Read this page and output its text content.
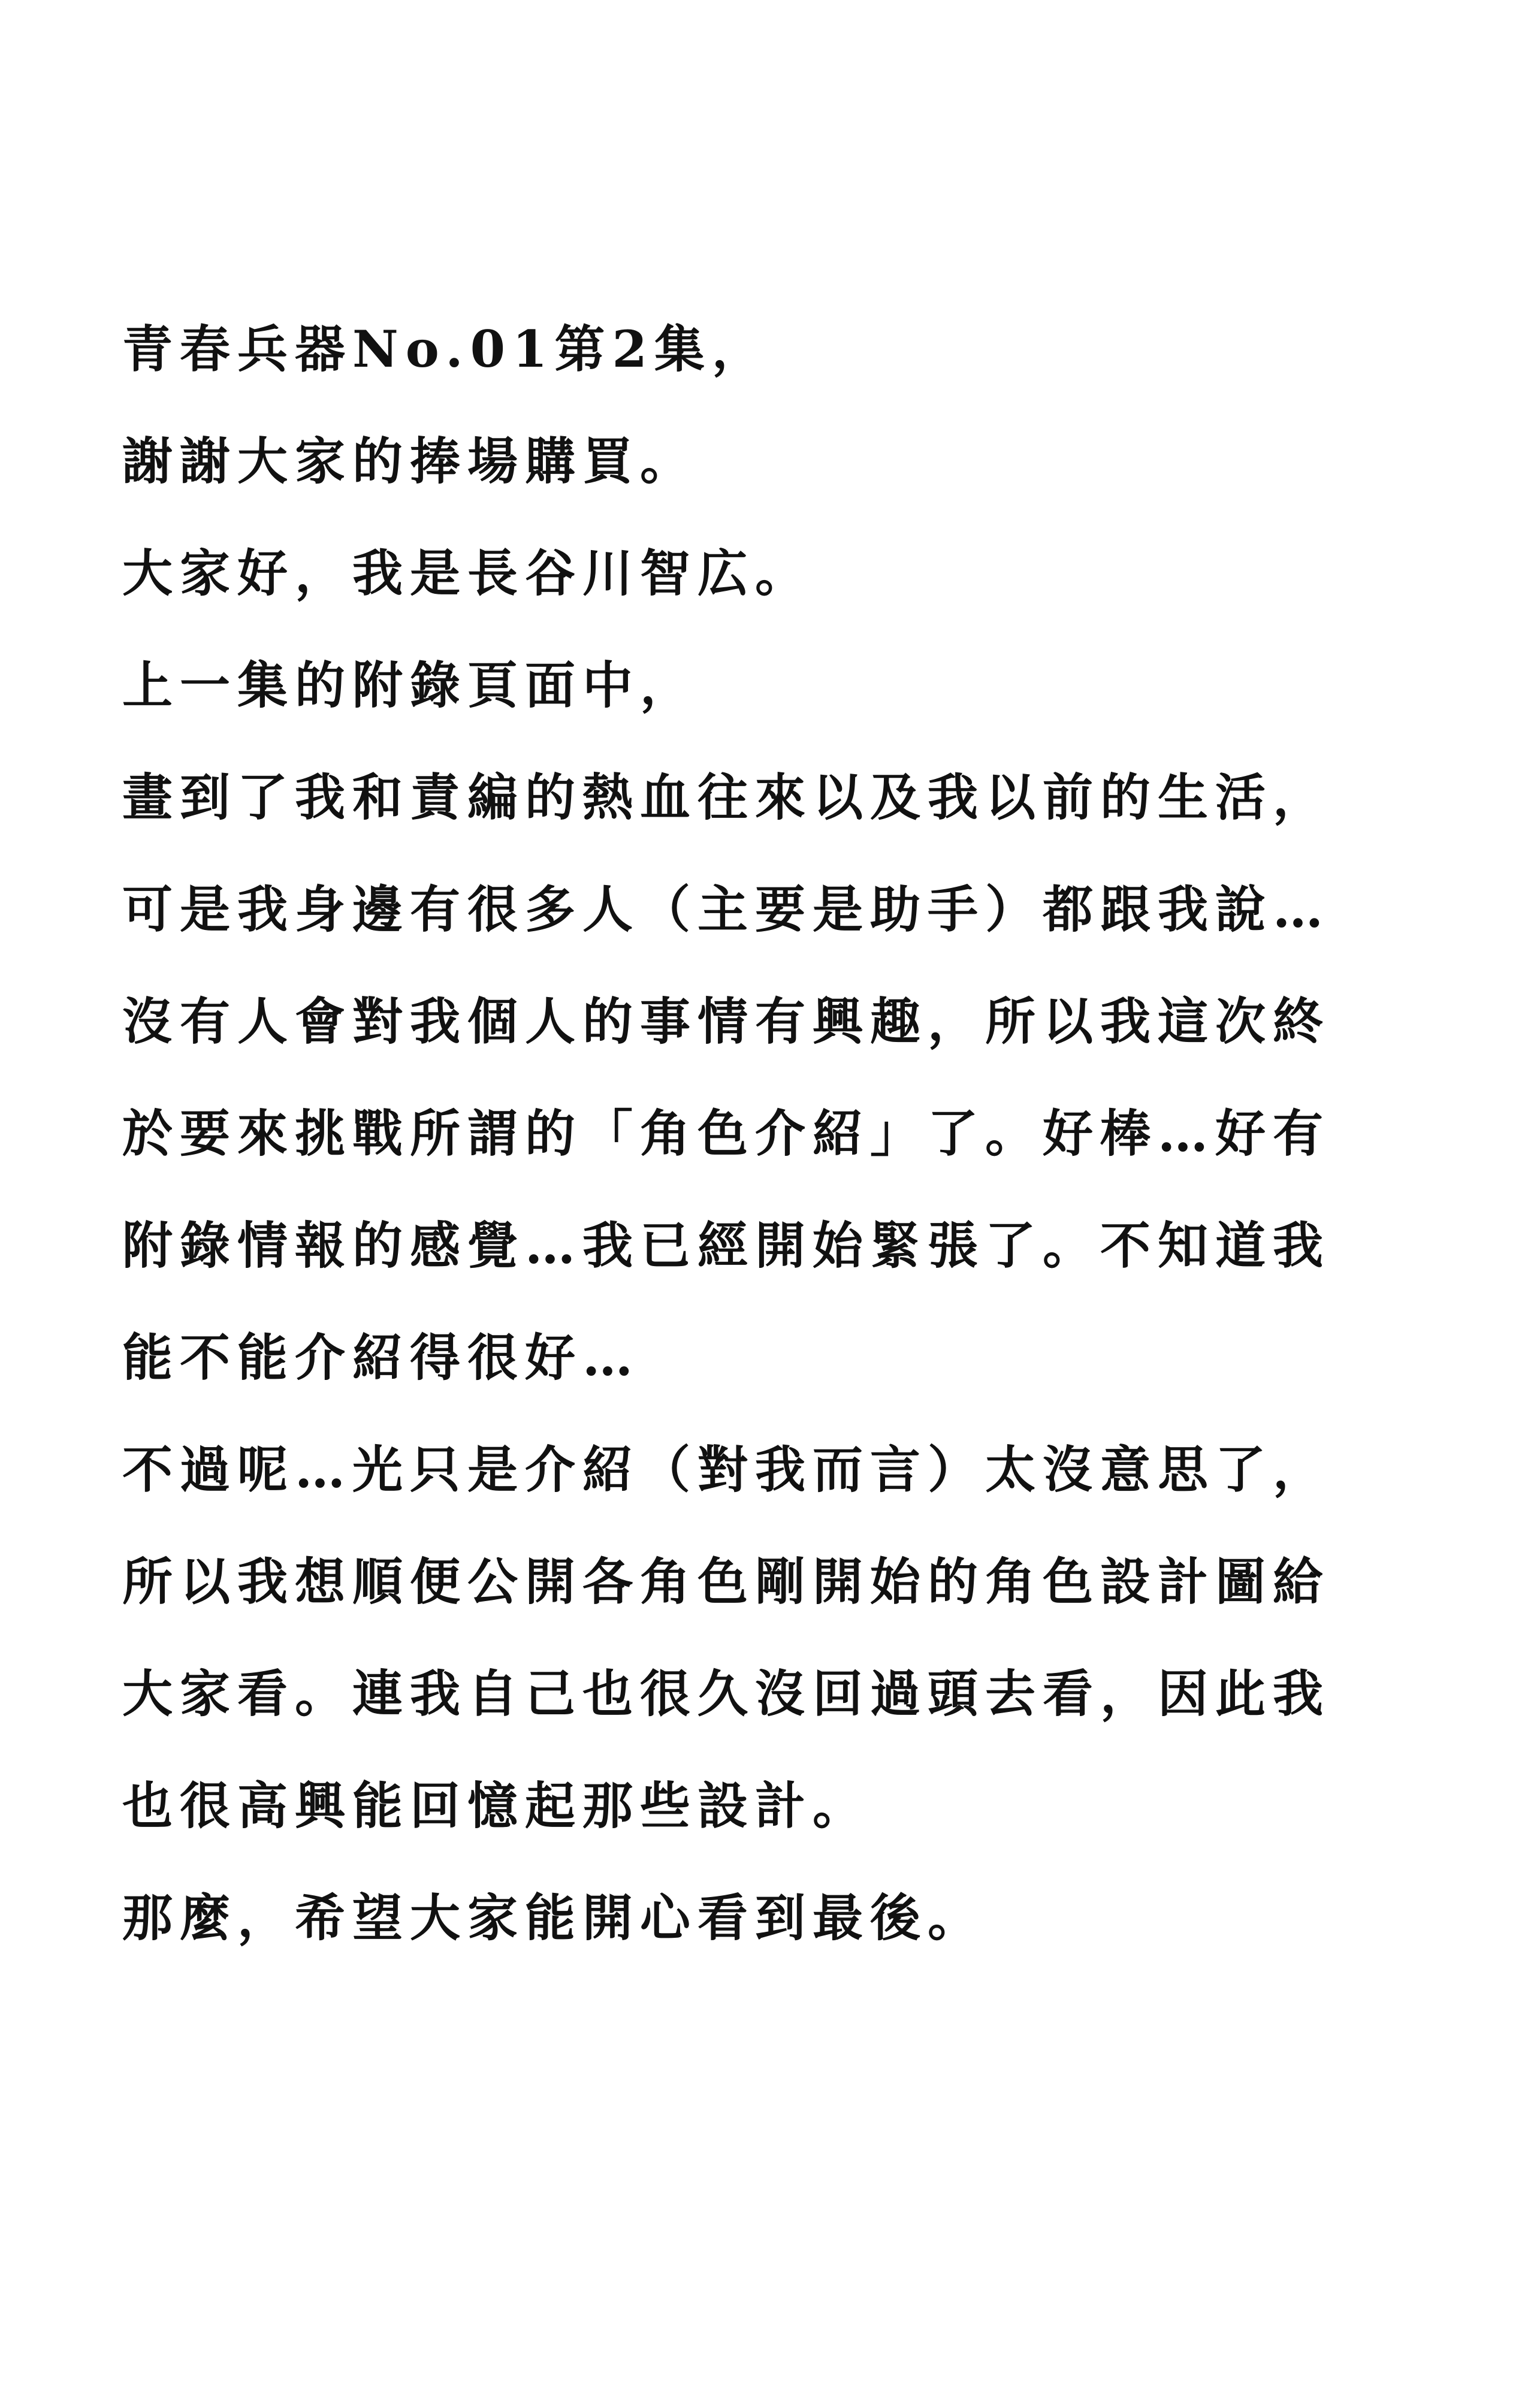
青春兵器No.01第2集，
謝謝大家的捧場購買。
大家好，我是長谷川智広。
上一集的附錄頁面中，
畫到了我和責編的熱血往來以及我以前的生活，
可是我身邊有很多人（主要是助手）都跟我說…
沒有人會對我個人的事情有興趣，所以我這次終
於要來挑戰所謂的「角色介紹」了。好棒…好有
附錄情報的感覺…我已經開始緊張了。不知道我
能不能介紹得很好…
不過呢…光只是介紹（對我而言）太沒意思了，
所以我想順便公開各角色剛開始的角色設計圖給
大家看。連我自己也很久沒回過頭去看，因此我
也很高興能回憶起那些設計。
那麼，希望大家能開心看到最後。
